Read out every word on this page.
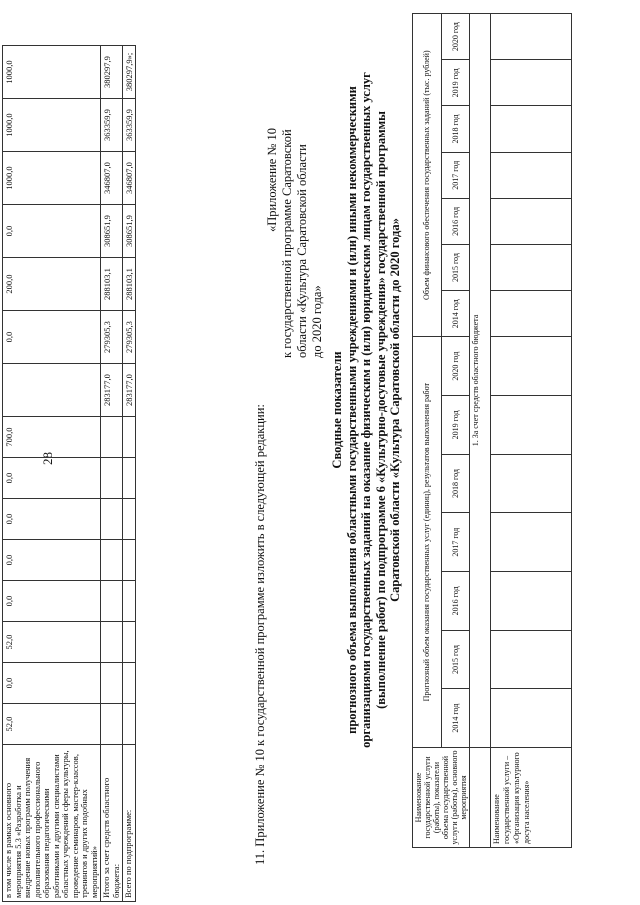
28
в том числе в рамках основного мероприятия 5.3 «Разработка и внедрение новых программ получения дополнительного профессионального образования педагогическими работниками и другими специалистами областных учреждений сферы культуры, проведение семинаров, мастер-классов, тренингов и других подобных мероприятий»	52,0	0,0	52,0	0,0	0,0	0,0	0,0	700,0		0,0	200,0	0,0	1000,0	1000,0	1000,0
Итого за счет средств областного бюджета:									283177,0	279305,3	288103,1	308651,9	346807,0	363359,9	380297,9
Всего по подпрограмме:									283177,0	279305,3	288103,1	308651,9	346807,0	363359,9	380297,9»;
11. Приложение № 10 к государственной программе изложить в следующей редакции:
«Приложение № 10 к государственной программе Саратовской области «Культура Саратовской области до 2020 года»
Сводные показатели прогнозного объема выполнения областными государственными учреждениями и (или) иными некоммерческими организациями государственных заданий на оказание физическим и (или) юридическим лицам государственных услуг (выполнение работ) по подпрограмме 6 «Культурно-досуговые учреждения» государственной программы Саратовской области «Культура Саратовской области до 2020 года»
Наименование государственной услуги (работы), показатели объема государственной услуги (работы), основного мероприятия	Прогнозный объем оказания государственных услуг (единиц), результатов выполнения работ							Объем финансового обеспечения государственных заданий (тыс. рублей)						
	2014 год	2015 год	2016 год	2017 год	2018 год	2019 год	2020 год	2014 год	2015 год	2016 год	2017 год	2018 год	2019 год	2020 год
	1. За счет средств областного бюджета													
Наименование государственной услуги – «Организация культурного досуга населения»														
